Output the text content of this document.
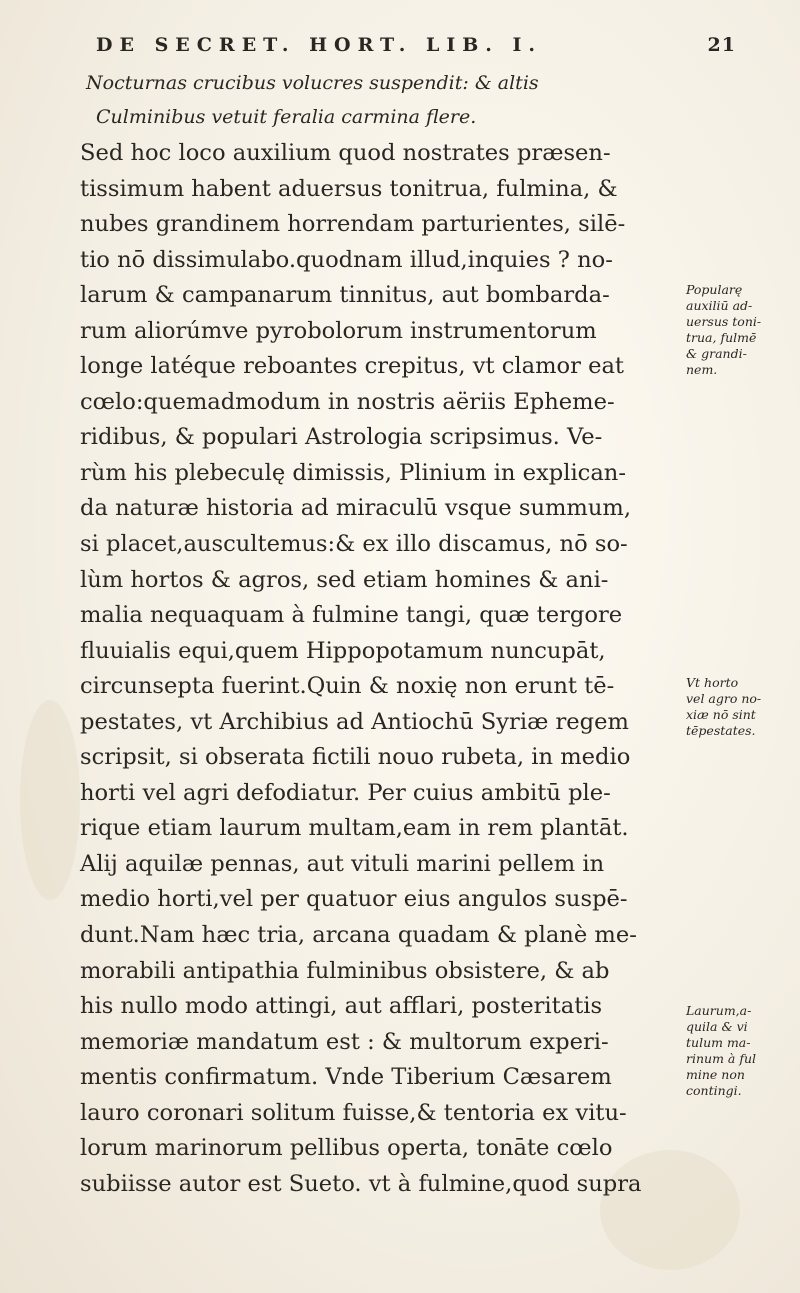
DE SECRET. HORT. LIB. I.	21
Nocturnas crucibus volucres suspendit: & altis
Culminibus vetuit feralia carmina flere.
Sed hoc loco auxilium quod nostrates præsen-
tissimum habent aduersus tonitrua, fulmina, &
nubes grandinem horrendam parturientes, silē-
tio nō dissimulabo.quodnam illud,inquies ? no-
larum & campanarum tinnitus, aut bombarda-
rum aliorúmve pyrobolorum instrumentorum
longe latéque reboantes crepitus, vt clamor eat
cœlo:quemadmodum in nostris aëriis Epheme-
ridibus, & populari Astrologia scripsimus. Ve-
rùm his plebeculę dimissis, Plinium in explican-
da naturæ historia ad miraculū vsque summum,
si placet,auscultemus:& ex illo discamus, nō so-
lùm hortos & agros, sed etiam homines & ani-
malia nequaquam à fulmine tangi, quæ tergore
fluuialis equi,quem Hippopotamum nuncupāt,
circunsepta fuerint.Quin & noxię non erunt tē-
pestates, vt Archibius ad Antiochū Syriæ regem
scripsit, si obserata fictili nouo rubeta, in medio
horti vel agri defodiatur. Per cuius ambitū ple-
rique etiam laurum multam,eam in rem plantāt.
Alij aquilæ pennas, aut vituli marini pellem in
medio horti,vel per quatuor eius angulos suspē-
dunt.Nam hæc tria, arcana quadam & planè me-
morabili antipathia fulminibus obsistere, & ab
his nullo modo attingi, aut afflari, posteritatis
memoriæ mandatum est : & multorum experi-
mentis confirmatum. Vnde Tiberium Cæsarem
lauro coronari solitum fuisse,& tentoria ex vitu-
lorum marinorum pellibus operta, tonāte cœlo
subiisse autor est Sueto. vt à fulmine,quod supra
Popularę
auxiliū ad-
uersus toni-
trua, fulmē
& grandi-
nem.
Vt horto
vel agro no-
xiæ nō sint
tēpestates.
Laurum,a-
quila & vi
tulum ma-
rinum à ful
mine non
contingi.
